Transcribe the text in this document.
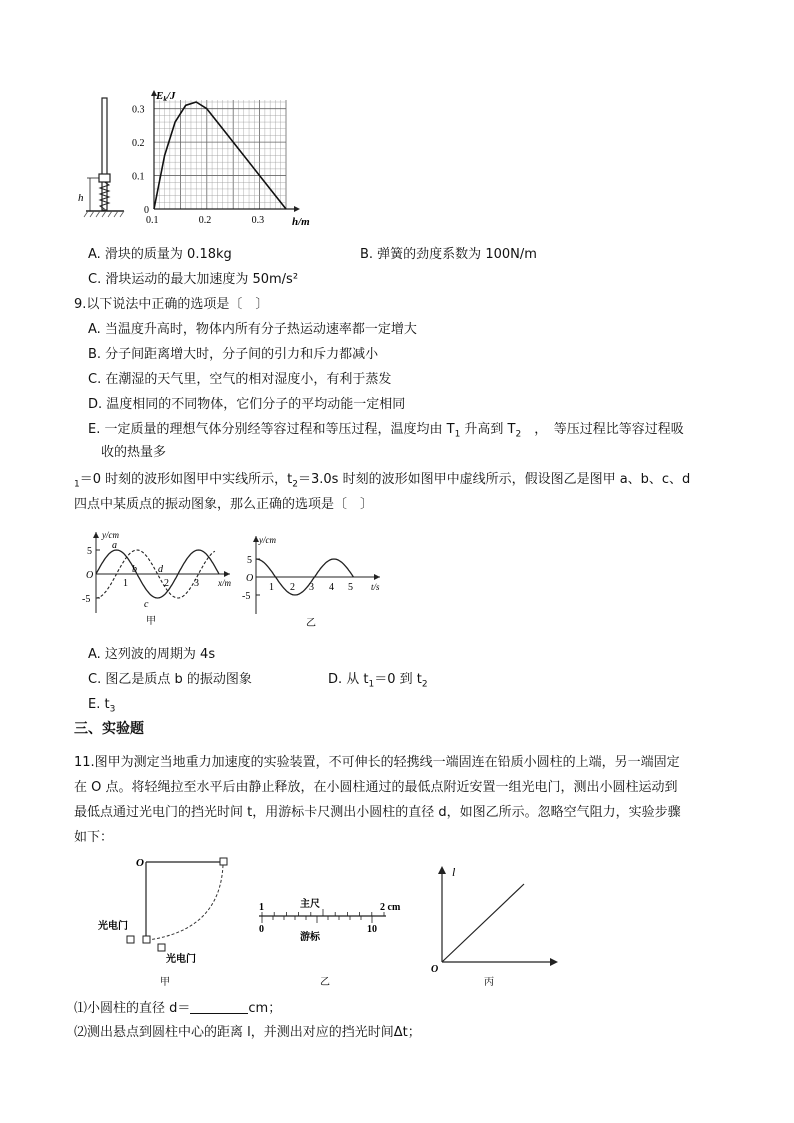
h
0.1
0.2
0.3
0.1	0.2	0.3
Ek/J
h/m
0
A. 滑块的质量为 0.18kg	B. 弹簧的劲度系数为 100N/m
C. 滑块运动的最大加速度为 50m/s²
9.以下说法中正确的选项是〔　〕
A. 当温度升高时，物体内所有分子热运动速率都一定增大
B. 分子间距离增大时，分子间的引力和斥力都减小
C. 在潮湿的天气里，空气的相对湿度小，有利于蒸发
D. 温度相同的不同物体，它们分子的平均动能一定相同
E. 一定质量的理想气体分别经等容过程和等压过程，温度均由 $T_1$ 升高到 $T_2$　，　等压过程比等容过程吸
收的热量多
$_1$＝0 时刻的波形如图甲中实线所示，$t_2=3.0s$ 时刻的波形如图甲中虚线所示，假设图乙是图甲 a、b、c、d
四点中某质点的振动图象，那么正确的选项是〔　〕
y/cm
x/m
5
-5
O
1	2	3
a
b
c
d
甲
y/cm
t/s
5
-5
O
1 2 3 4 5
乙
A. 这列波的周期为 4s
C. 图乙是质点 b 的振动图象	D. 从 $t_1=0$ 到 $t_2$
E. $t_3$
三、实验题
11.图甲为测定当地重力加速度的实验装置，不可伸长的轻携线一端固连在铅质小圆柱的上端，另一端固定
在 O 点。将轻绳拉至水平后由静止释放，在小圆柱通过的最低点附近安置一组光电门，测出小圆柱运动到
最低点通过光电门的挡光时间 t，用游标卡尺测出小圆柱的直径 d，如图乙所示。忽略空气阻力，实验步骤
如下：
O
光电门
光电门
甲
1	主尺	2 cm
0
游标
10
乙
l
O
丙
⑴小圆柱的直径 d＝	cm；
⑵测出悬点到圆柱中心的距离 l，并测出对应的挡光时间Δt；
